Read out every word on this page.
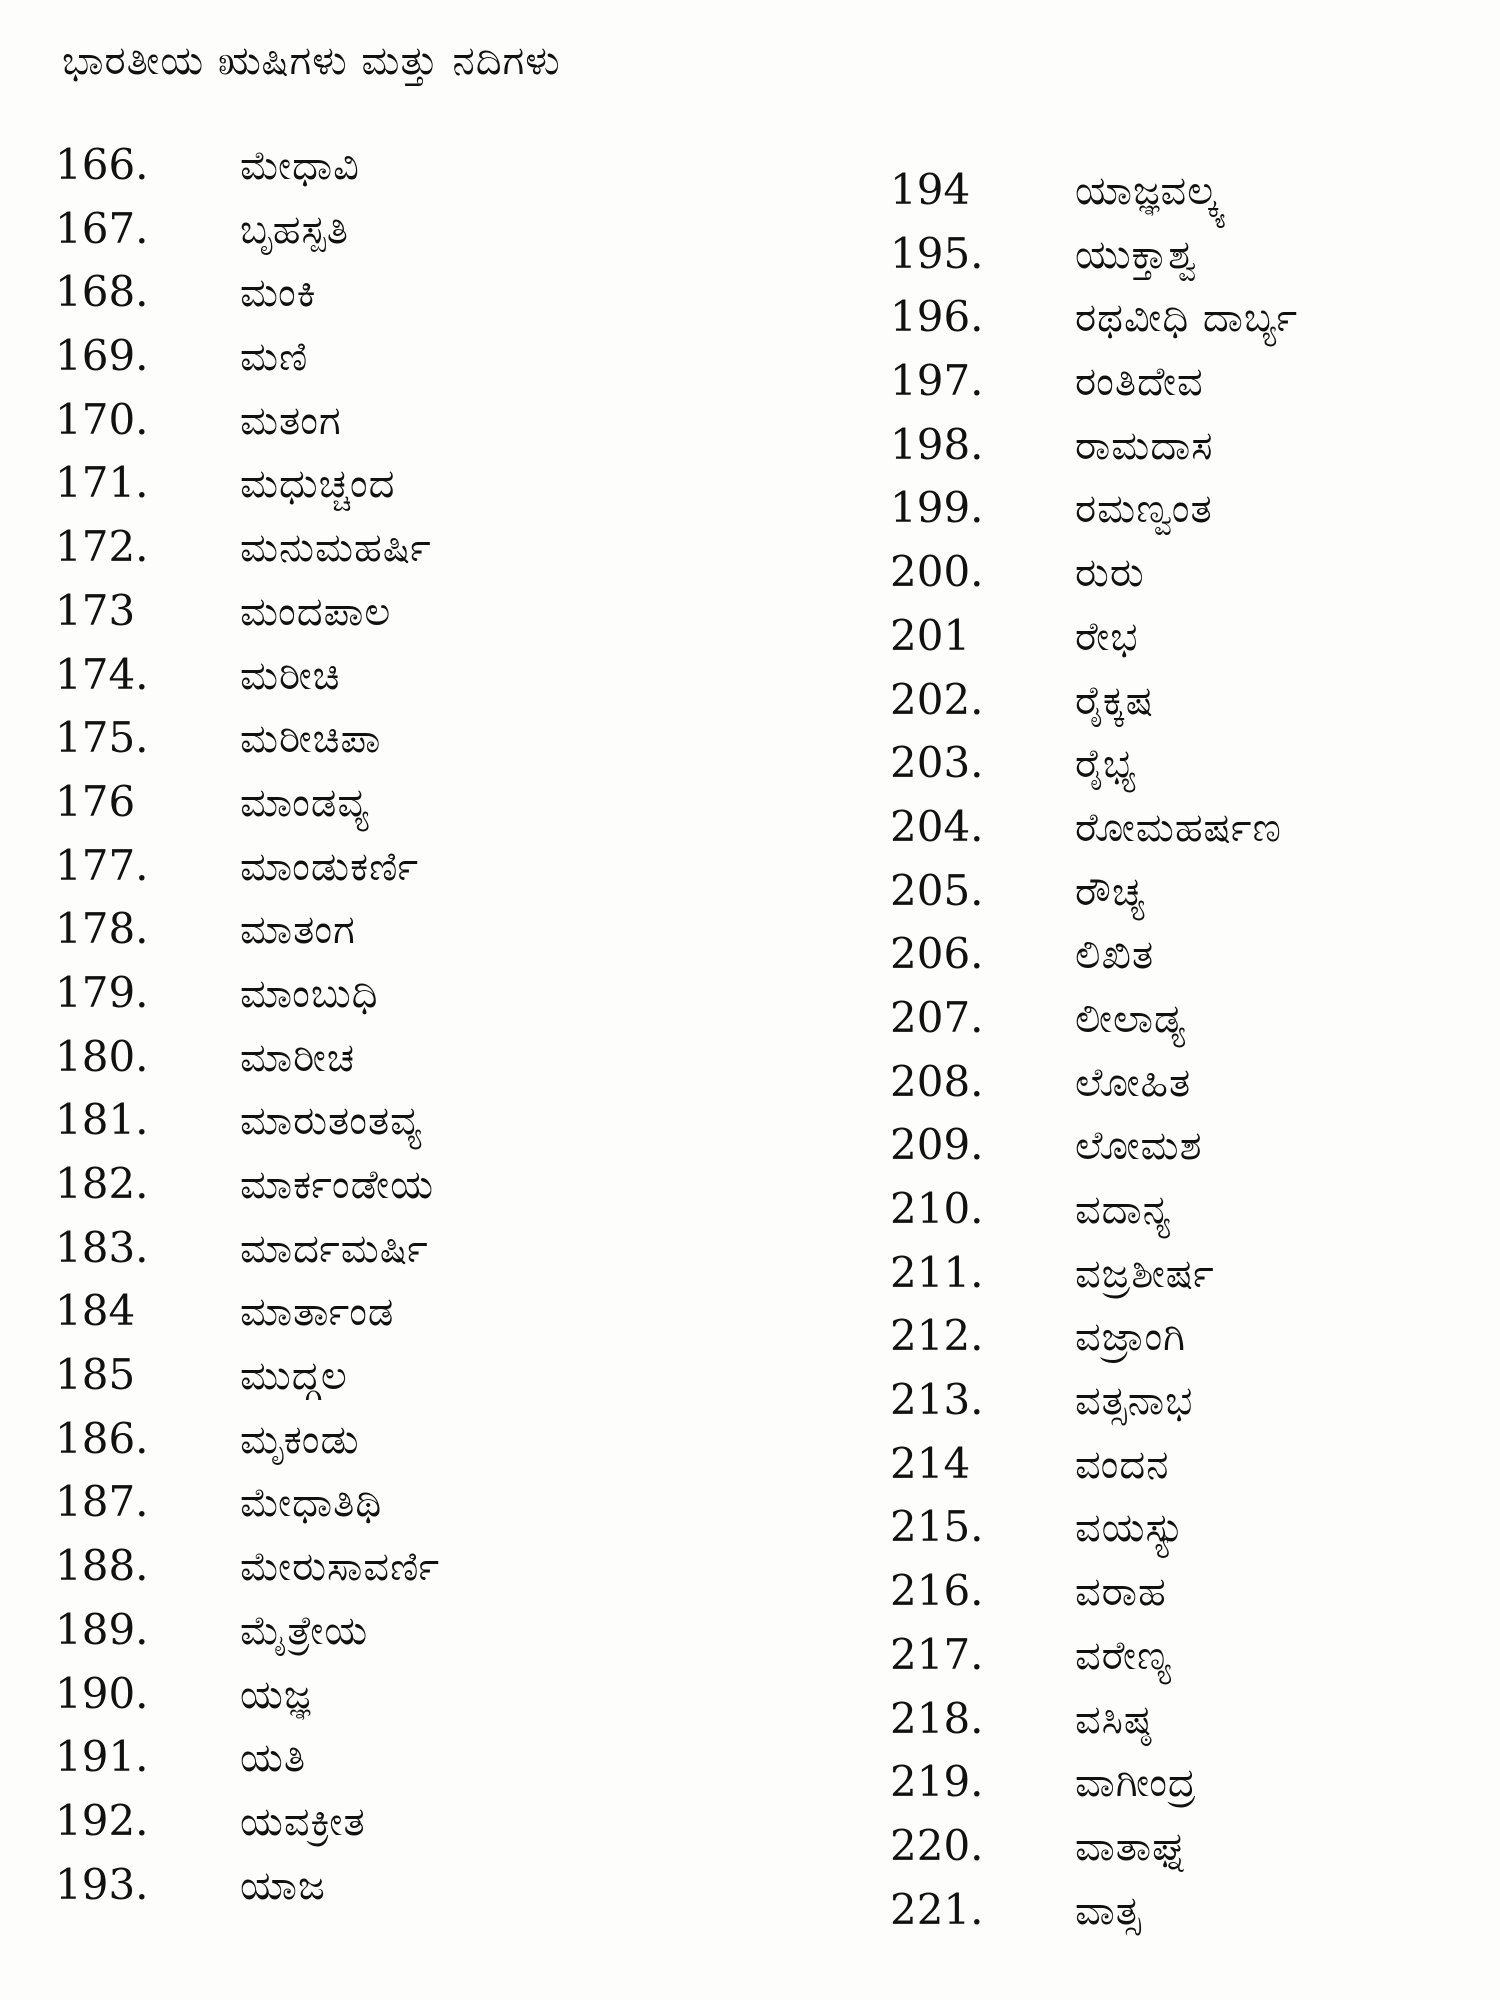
ಭಾರತೀಯ ಋಷಿಗಳು ಮತ್ತು ನದಿಗಳು
166.	ಮೇಧಾವಿ
167.	ಬೃಹಸ್ಪತಿ
168.	ಮಂಕಿ
169.	ಮಣಿ
170.	ಮತಂಗ
171.	ಮಧುಚ್ಚಂದ
172.	ಮನುಮಹರ್ಷಿ
173	ಮಂದಪಾಲ
174.	ಮರೀಚಿ
175.	ಮರೀಚಿಪಾ
176	ಮಾಂಡವ್ಯ
177.	ಮಾಂಡುಕರ್ಣಿ
178.	ಮಾತಂಗ
179.	ಮಾಂಬುಧಿ
180.	ಮಾರೀಚ
181.	ಮಾರುತಂತವ್ಯ
182.	ಮಾರ್ಕಂಡೇಯ
183.	ಮಾರ್ದಮರ್ಷಿ
184	ಮಾರ್ತಾಂಡ
185	ಮುದ್ಗಲ
186.	ಮೃಕಂಡು
187.	ಮೇಧಾತಿಥಿ
188.	ಮೇರುಸಾವರ್ಣಿ
189.	ಮೈತ್ರೇಯ
190.	ಯಜ್ಞ
191.	ಯತಿ
192.	ಯವಕ್ರೀತ
193.	ಯಾಜ
194	ಯಾಜ್ಞವಲ್ಕ್ಯ
195.	ಯುಕ್ತಾಶ್ವ
196.	ರಥವೀಧಿ ದಾರ್ಬ್ಯ
197.	ರಂತಿದೇವ
198.	ರಾಮದಾಸ
199.	ರಮಣ್ವಂತ
200.	ರುರು
201	ರೇಭ
202.	ರೈಕ್ಕಷ
203.	ರೈಭ್ಯ
204.	ರೋಮಹರ್ಷಣ
205.	ರೌಚ್ಯ
206.	ಲಿಖಿತ
207.	ಲೀಲಾಡ್ಯ
208.	ಲೋಹಿತ
209.	ಲೋಮಶ
210.	ವದಾನ್ಯ
211.	ವಜ್ರಶೀರ್ಷ
212.	ವಜ್ರಾಂಗಿ
213.	ವತ್ಸನಾಭ
214	ವಂದನ
215.	ವಯಸ್ಯು
216.	ವರಾಹ
217.	ವರೇಣ್ಯ
218.	ವಸಿಷ್ಠ
219.	ವಾಗೀಂದ್ರ
220.	ವಾತಾಘ್ನ
221.	ವಾತ್ಸ
